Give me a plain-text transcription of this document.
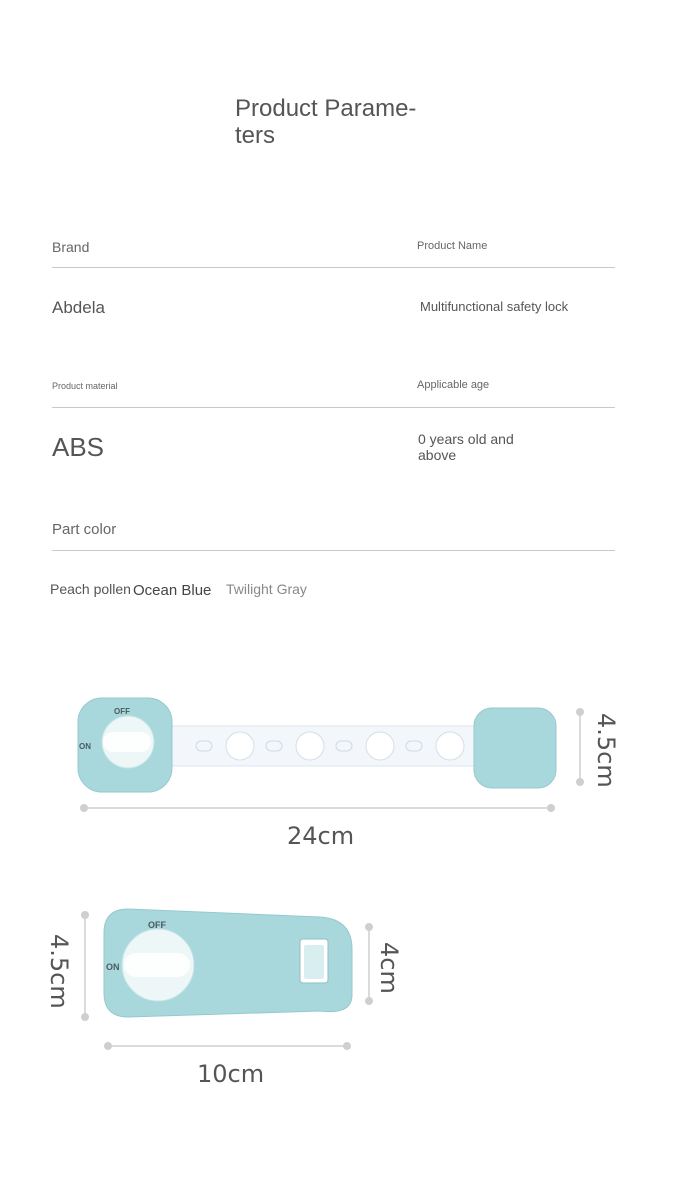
Product Parame-
ters
Brand	Product Name
Abdela	Multifunctional safety lock
Product material	Applicable age
ABS	0 years old and
above
Part color
Peach pollen Ocean Blue Twilight Gray
OFF
ON
24cm
4.5cm
OFF
ON
4.5cm	4cm
10cm
